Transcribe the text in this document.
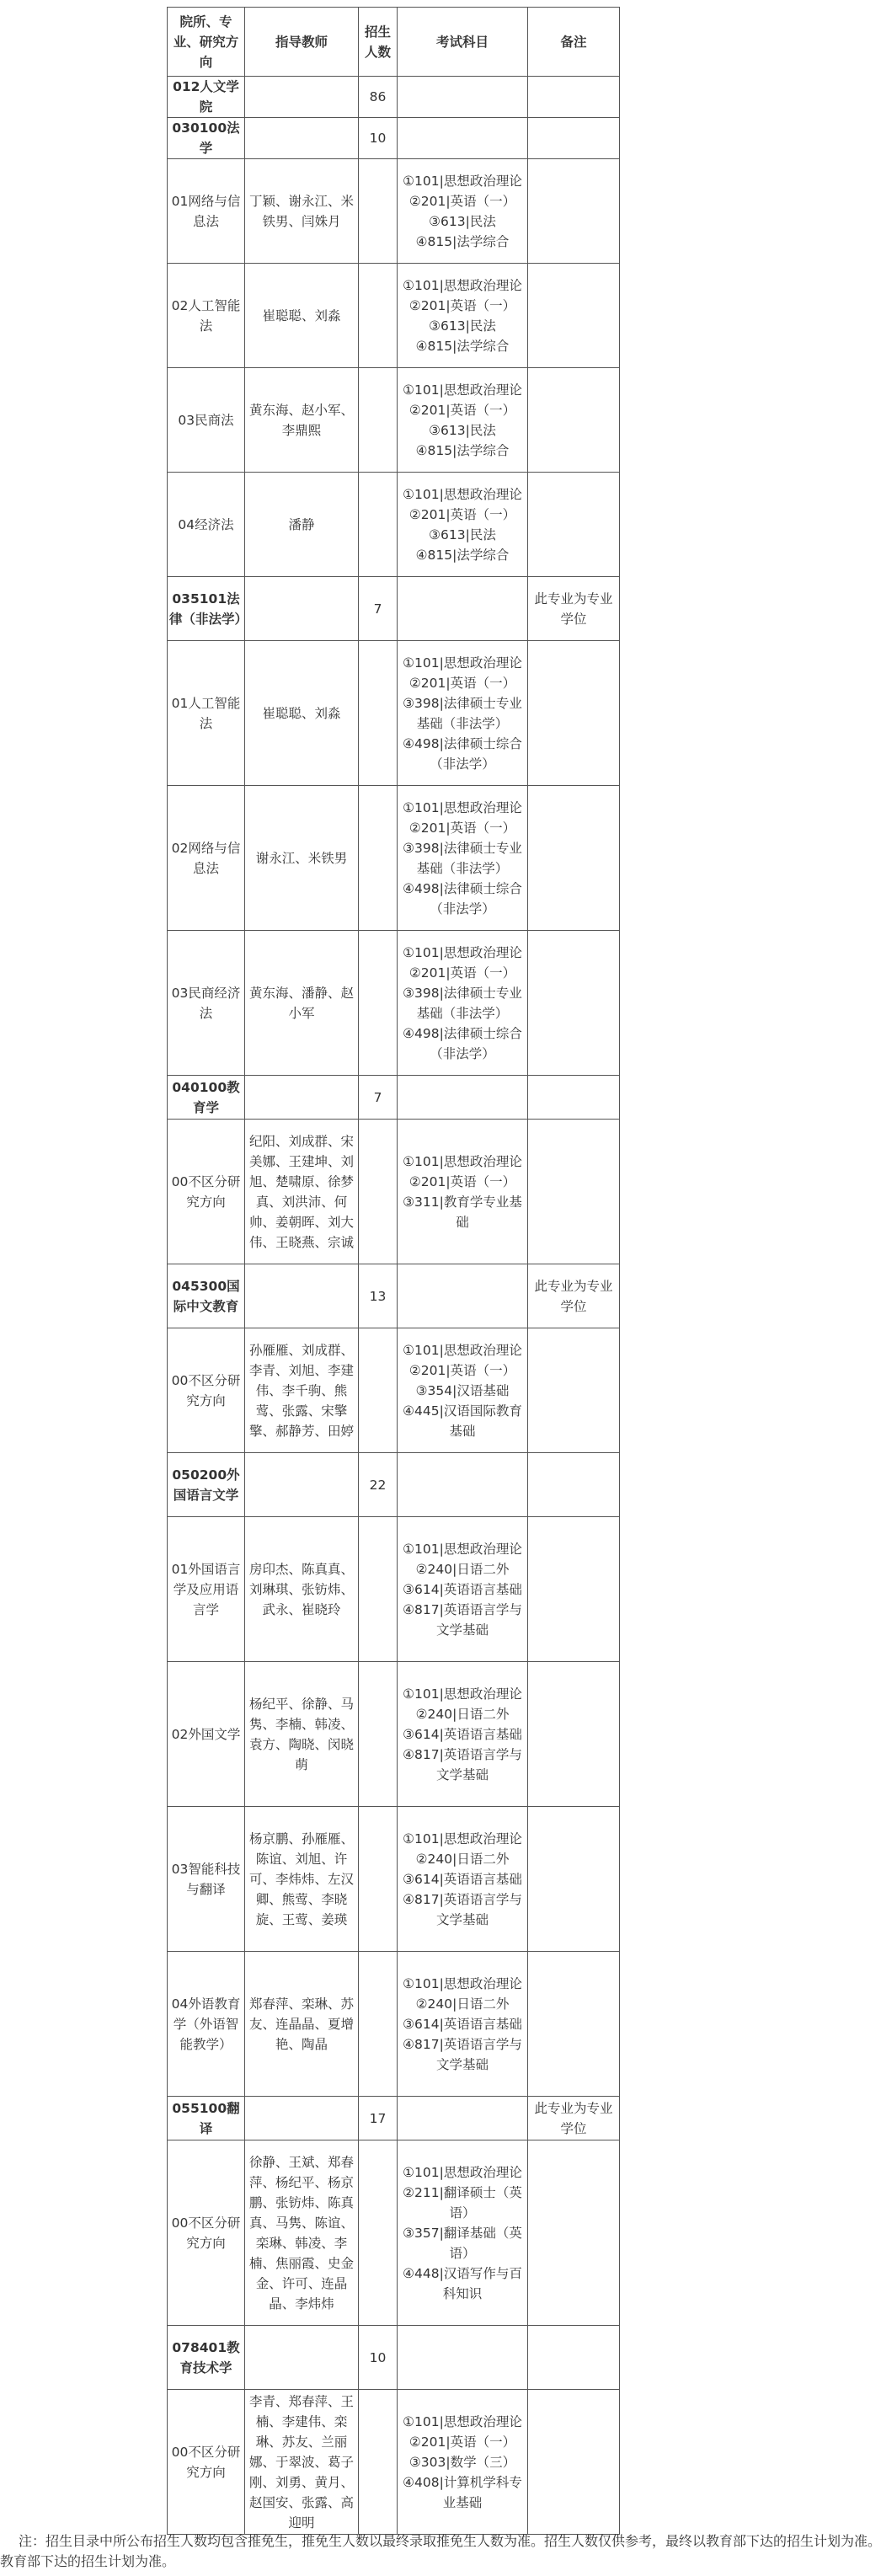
院所、专业、研究方向	指导教师	招生人数	考试科目	备注
012人文学院		86		
030100法学		10		
01网络与信息法	丁颖、谢永江、米铁男、闫姝月		①101|思想政治理论
②201|英语（一）
③613|民法
④815|法学综合	

02人工智能法	崔聪聪、刘淼		①101|思想政治理论
②201|英语（一）
③613|民法
④815|法学综合	

03民商法	黄东海、赵小军、李鼎熙		①101|思想政治理论
②201|英语（一）
③613|民法
④815|法学综合	

04经济法	潘静		①101|思想政治理论
②201|英语（一）
③613|民法
④815|法学综合	

035101法律（非法学）		7		此专业为专业学位
01人工智能法	崔聪聪、刘淼		①101|思想政治理论
②201|英语（一）
③398|法律硕士专业基础（非法学）
④498|法律硕士综合（非法学）	

02网络与信息法	谢永江、米铁男		①101|思想政治理论
②201|英语（一）
③398|法律硕士专业基础（非法学）
④498|法律硕士综合（非法学）	

03民商经济法	黄东海、潘静、赵小军		①101|思想政治理论
②201|英语（一）
③398|法律硕士专业基础（非法学）
④498|法律硕士综合（非法学）	

040100教育学		7		
00不区分研究方向	纪阳、刘成群、宋美娜、王建坤、刘旭、楚啸原、徐梦真、刘洪沛、何帅、姜朝晖、刘大伟、王晓燕、宗诚		①101|思想政治理论
②201|英语（一）
③311|教育学专业基础	

045300国际中文教育		13		此专业为专业学位
00不区分研究方向	孙雁雁、刘成群、李青、刘旭、李建伟、李千驹、熊莺、张露、宋擎擎、郝静芳、田婷		①101|思想政治理论
②201|英语（一）
③354|汉语基础
④445|汉语国际教育基础	

050200外国语言文学		22		
01外国语言学及应用语言学	房印杰、陈真真、刘琳琪、张钫炜、武永、崔晓玲		①101|思想政治理论
②240|日语二外
③614|英语语言基础
④817|英语语言学与文学基础	

02外国文学	杨纪平、徐静、马隽、李楠、韩凌、袁方、陶晓、闵晓萌		①101|思想政治理论
②240|日语二外
③614|英语语言基础
④817|英语语言学与文学基础	

03智能科技与翻译	杨京鹏、孙雁雁、陈谊、刘旭、许可、李炜炜、左汉卿、熊莺、李晓旋、王莺、姜瑛		①101|思想政治理论
②240|日语二外
③614|英语语言基础
④817|英语语言学与文学基础	

04外语教育学（外语智能教学）	郑春萍、栾琳、苏友、连晶晶、夏增艳、陶晶		①101|思想政治理论
②240|日语二外
③614|英语语言基础
④817|英语语言学与文学基础	

055100翻译		17		此专业为专业学位
00不区分研究方向	徐静、王斌、郑春萍、杨纪平、杨京鹏、张钫炜、陈真真、马隽、陈谊、栾琳、韩凌、李楠、焦丽霞、史金金、许可、连晶晶、李炜炜		①101|思想政治理论
②211|翻译硕士（英语）
③357|翻译基础（英语）
④448|汉语写作与百科知识	

078401教育技术学		10		
00不区分研究方向	李青、郑春萍、王楠、李建伟、栾琳、苏友、兰丽娜、于翠波、葛子刚、刘勇、黄月、赵国安、张露、高迎明		①101|思想政治理论
②201|英语（一）
③303|数学（三）
④408|计算机学科专业基础	

注：招生目录中所公布招生人数均包含推免生，推免生人数以最终录取推免生人数为准。招生人数仅供参考，最终以教育部下达的招生计划为准。
教育部下达的招生计划为准。
